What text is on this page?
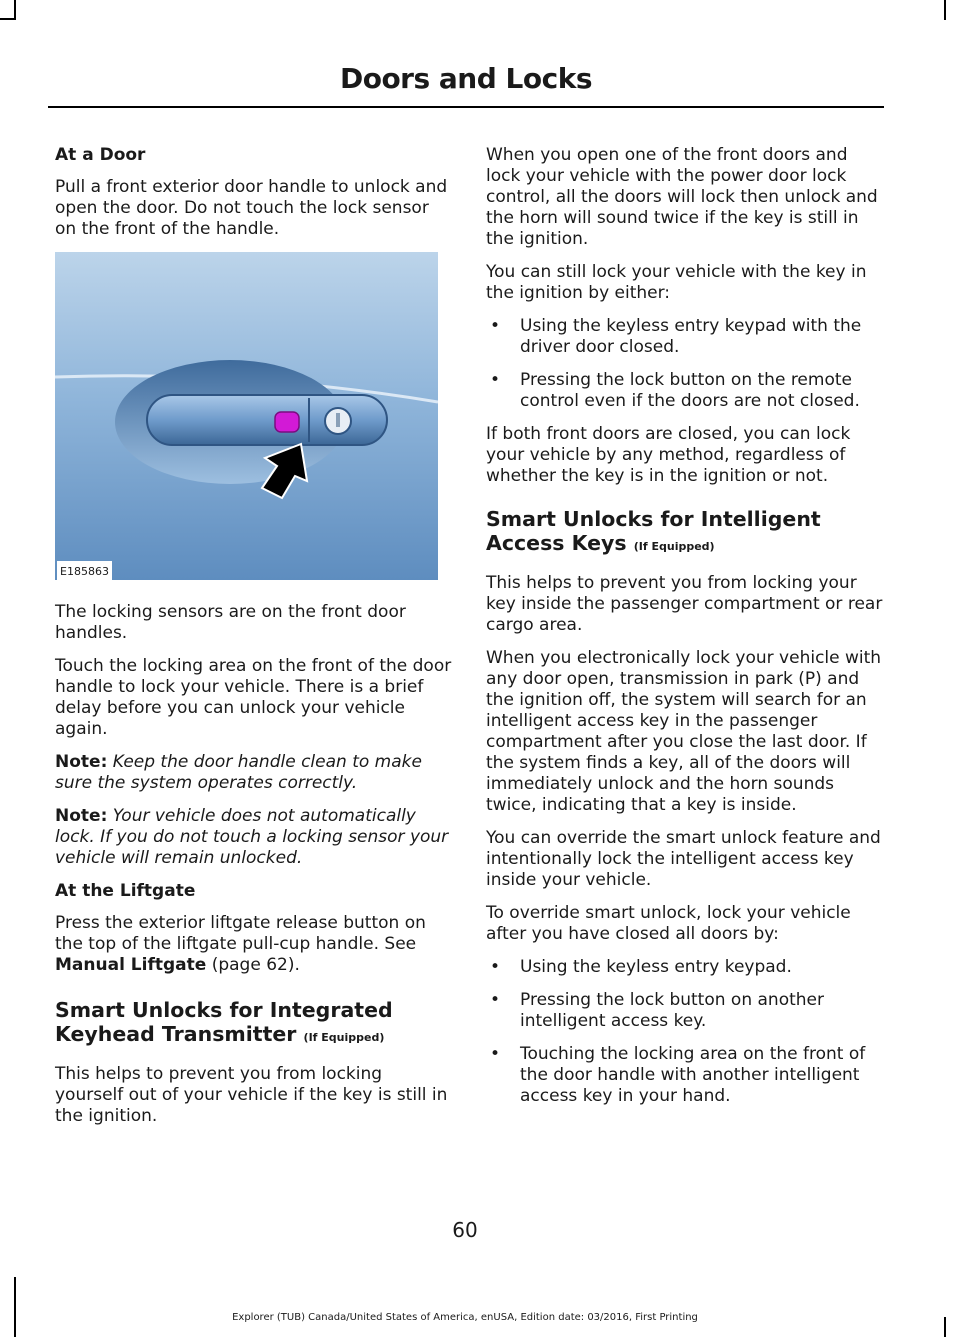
Doors and Locks
At a Door

Pull a front exterior door handle to unlock and open the door. Do not touch the lock sensor on the front of the handle.

E185863

The locking sensors are on the front door handles.

Touch the locking area on the front of the door handle to lock your vehicle. There is a brief delay before you can unlock your vehicle again.

Note: Keep the door handle clean to make sure the system operates correctly.

Note: Your vehicle does not automatically lock. If you do not touch a locking sensor your vehicle will remain unlocked.

At the Liftgate

Press the exterior liftgate release button on the top of the liftgate pull-cup handle. See Manual Liftgate (page 62).

Smart Unlocks for Integrated Keyhead Transmitter (If Equipped)

This helps to prevent you from locking yourself out of your vehicle if the key is still in the ignition.

When you open one of the front doors and lock your vehicle with the power door lock control, all the doors will lock then unlock and the horn will sound twice if the key is still in the ignition.

You can still lock your vehicle with the key in the ignition by either:

• Using the keyless entry keypad with the driver door closed.

• Pressing the lock button on the remote control even if the doors are not closed.

If both front doors are closed, you can lock your vehicle by any method, regardless of whether the key is in the ignition or not.

Smart Unlocks for Intelligent Access Keys (If Equipped)

This helps to prevent you from locking your key inside the passenger compartment or rear cargo area.

When you electronically lock your vehicle with any door open, transmission in park (P) and the ignition off, the system will search for an intelligent access key in the passenger compartment after you close the last door. If the system finds a key, all of the doors will immediately unlock and the horn sounds twice, indicating that a key is inside.

You can override the smart unlock feature and intentionally lock the intelligent access key inside your vehicle.

To override smart unlock, lock your vehicle after you have closed all doors by:

• Using the keyless entry keypad.

• Pressing the lock button on another intelligent access key.

• Touching the locking area on the front of the door handle with another intelligent access key in your hand.

60
Explorer (TUB) Canada/United States of America, enUSA, Edition date: 03/2016, First Printing
